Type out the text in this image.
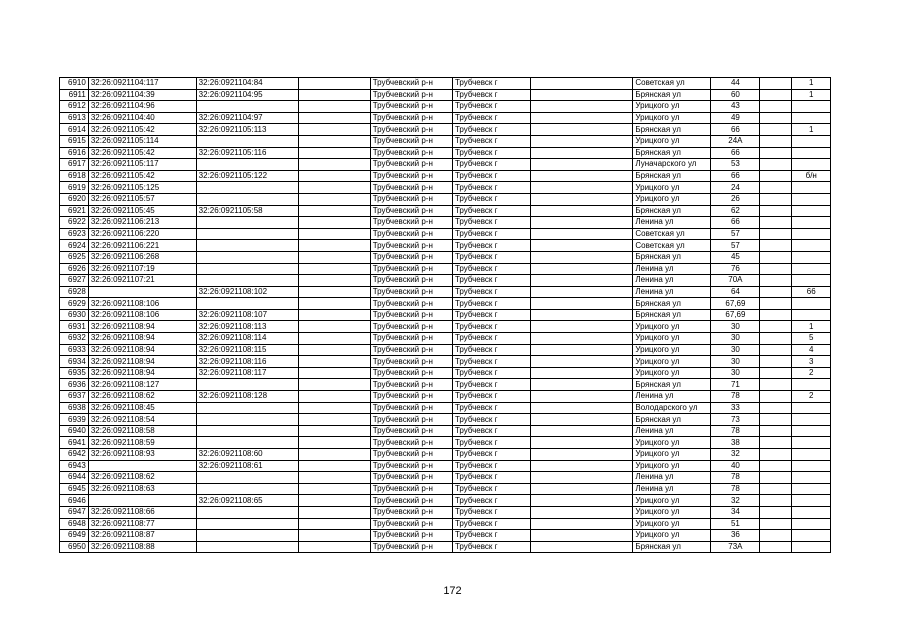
6910	32:26:0921104:117	32:26:0921104:84		Трубчевский р-н	Трубчевск г		Советская ул	44		1
6911	32:26:0921104:39	32:26:0921104:95		Трубчевский р-н	Трубчевск г		Брянская ул	60		1
6912	32:26:0921104:96			Трубчевский р-н	Трубчевск г		Урицкого ул	43		
6913	32:26:0921104:40	32:26:0921104:97		Трубчевский р-н	Трубчевск г		Урицкого ул	49		
6914	32:26:0921105:42	32:26:0921105:113		Трубчевский р-н	Трубчевск г		Брянская ул	66		1
6915	32:26:0921105:114			Трубчевский р-н	Трубчевск г		Урицкого ул	24А		
6916	32:26:0921105:42	32:26:0921105:116		Трубчевский р-н	Трубчевск г		Брянская ул	66		
6917	32:26:0921105:117			Трубчевский р-н	Трубчевск г		Луначарского ул	53		
6918	32:26:0921105:42	32:26:0921105:122		Трубчевский р-н	Трубчевск г		Брянская ул	66		б/н
6919	32:26:0921105:125			Трубчевский р-н	Трубчевск г		Урицкого ул	24		
6920	32:26:0921105:57			Трубчевский р-н	Трубчевск г		Урицкого ул	26		
6921	32:26:0921105:45	32:26:0921105:58		Трубчевский р-н	Трубчевск г		Брянская ул	62		
6922	32:26:0921106:213			Трубчевский р-н	Трубчевск г		Ленина ул	66		
6923	32:26:0921106:220			Трубчевский р-н	Трубчевск г		Советская ул	57		
6924	32:26:0921106:221			Трубчевский р-н	Трубчевск г		Советская ул	57		
6925	32:26:0921106:268			Трубчевский р-н	Трубчевск г		Брянская ул	45		
6926	32:26:0921107:19			Трубчевский р-н	Трубчевск г		Ленина ул	76		
6927	32:26:0921107:21			Трубчевский р-н	Трубчевск г		Ленина ул	70А		
6928		32:26:0921108:102		Трубчевский р-н	Трубчевск г		Ленина ул	64		66
6929	32:26:0921108:106			Трубчевский р-н	Трубчевск г		Брянская ул	67,69		
6930	32:26:0921108:106	32:26:0921108:107		Трубчевский р-н	Трубчевск г		Брянская ул	67,69		
6931	32:26:0921108:94	32:26:0921108:113		Трубчевский р-н	Трубчевск г		Урицкого ул	30		1
6932	32:26:0921108:94	32:26:0921108:114		Трубчевский р-н	Трубчевск г		Урицкого ул	30		5
6933	32:26:0921108:94	32:26:0921108:115		Трубчевский р-н	Трубчевск г		Урицкого ул	30		4
6934	32:26:0921108:94	32:26:0921108:116		Трубчевский р-н	Трубчевск г		Урицкого ул	30		3
6935	32:26:0921108:94	32:26:0921108:117		Трубчевский р-н	Трубчевск г		Урицкого ул	30		2
6936	32:26:0921108:127			Трубчевский р-н	Трубчевск г		Брянская ул	71		
6937	32:26:0921108:62	32:26:0921108:128		Трубчевский р-н	Трубчевск г		Ленина ул	78		2
6938	32:26:0921108:45			Трубчевский р-н	Трубчевск г		Володарского ул	33		
6939	32:26:0921108:54			Трубчевский р-н	Трубчевск г		Брянская ул	73		
6940	32:26:0921108:58			Трубчевский р-н	Трубчевск г		Ленина ул	78		
6941	32:26:0921108:59			Трубчевский р-н	Трубчевск г		Урицкого ул	38		
6942	32:26:0921108:93	32:26:0921108:60		Трубчевский р-н	Трубчевск г		Урицкого ул	32		
6943		32:26:0921108:61		Трубчевский р-н	Трубчевск г		Урицкого ул	40		
6944	32:26:0921108:62			Трубчевский р-н	Трубчевск г		Ленина ул	78		
6945	32:26:0921108:63			Трубчевский р-н	Трубчевск г		Ленина ул	78		
6946		32:26:0921108:65		Трубчевский р-н	Трубчевск г		Урицкого ул	32		
6947	32:26:0921108:66			Трубчевский р-н	Трубчевск г		Урицкого ул	34		
6948	32:26:0921108:77			Трубчевский р-н	Трубчевск г		Урицкого ул	51		
6949	32:26:0921108:87			Трубчевский р-н	Трубчевск г		Урицкого ул	36		
6950	32:26:0921108:88			Трубчевский р-н	Трубчевск г		Брянская ул	73А		
172
